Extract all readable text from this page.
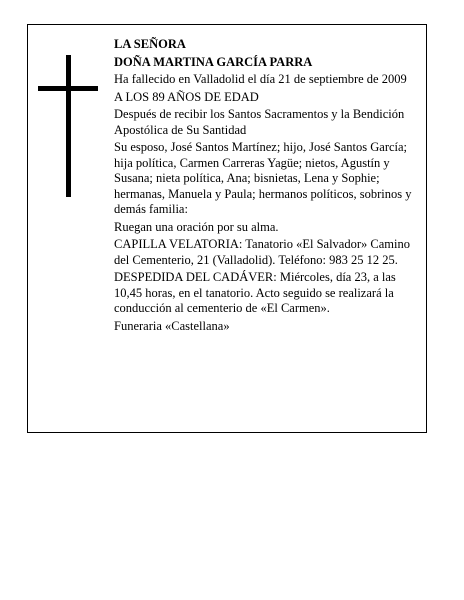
LA SEÑORA

DOÑA MARTINA GARCÍA PARRA

Ha fallecido en Valladolid el día 21 de septiembre de 2009

A LOS 89 AÑOS DE EDAD

Después de recibir los Santos Sacramentos y la Bendición Apostólica de Su Santidad

Su esposo, José Santos Martínez; hijo, José Santos García; hija política, Carmen Carreras Yagüe; nietos, Agustín y Susana; nieta política, Ana; bisnietas, Lena y Sophie; hermanas, Manuela y Paula; hermanos políticos, sobrinos y demás familia:

Ruegan una oración por su alma.

CAPILLA VELATORIA: Tanatorio «El Salvador» Camino del Cementerio, 21 (Valladolid). Teléfono: 983 25 12 25.

DESPEDIDA DEL CADÁVER: Miércoles, día 23, a las 10,45 horas, en el tanatorio. Acto seguido se realizará la conducción al cementerio de «El Carmen».

Funeraria «Castellana»
